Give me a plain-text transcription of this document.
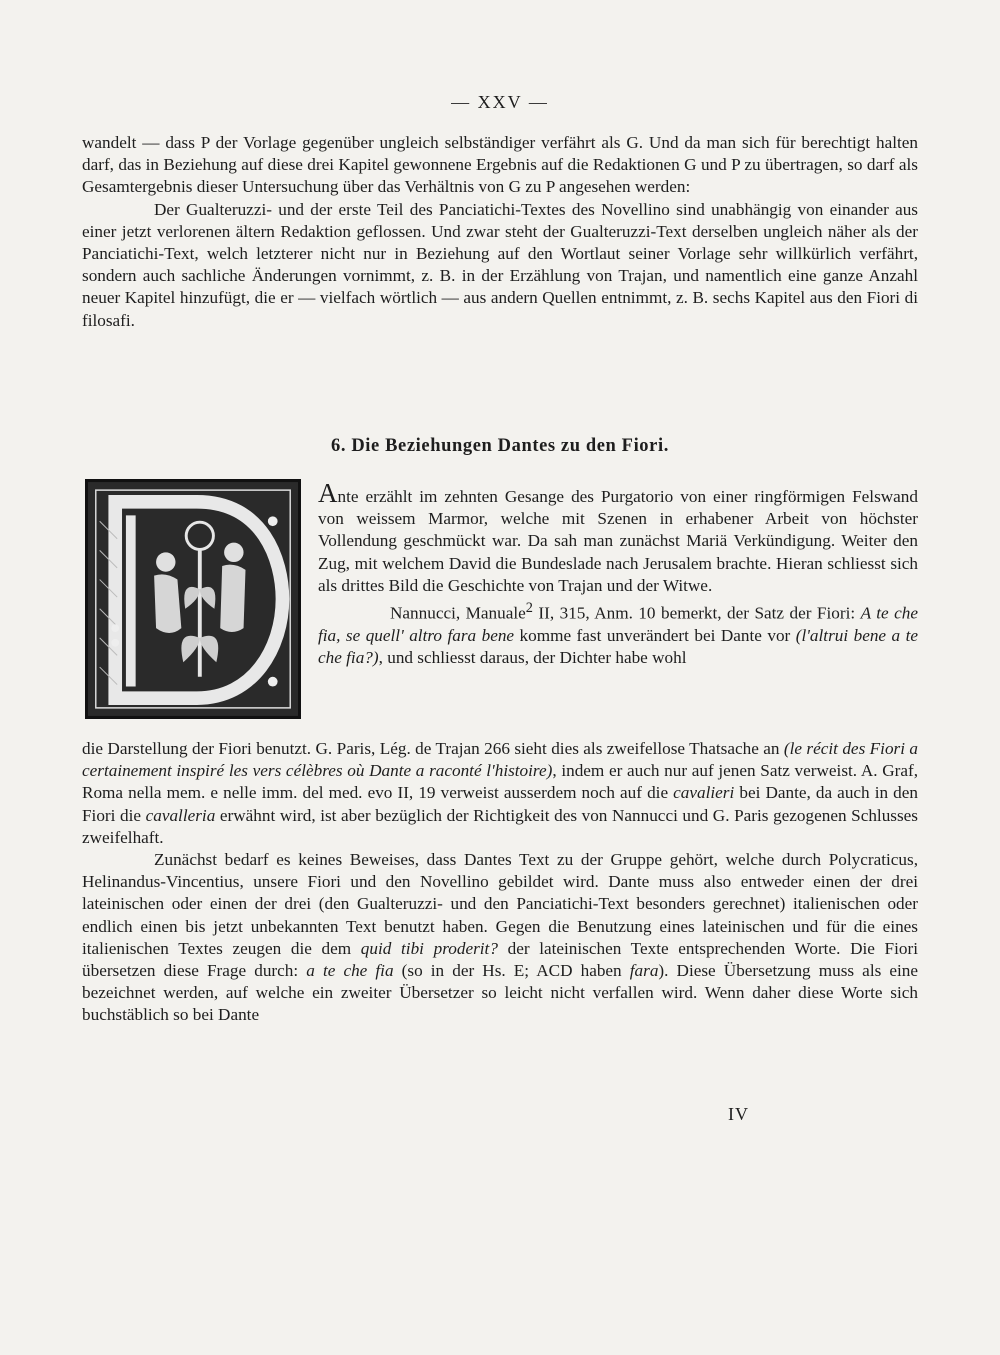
— XXV —

wandelt — dass P der Vorlage gegenüber ungleich selbständiger verfährt als G. Und da man sich für berechtigt halten darf, das in Beziehung auf diese drei Kapitel gewonnene Ergebnis auf die Redaktionen G und P zu übertragen, so darf als Gesamtergebnis dieser Untersuchung über das Verhältnis von G zu P angesehen werden:

Der Gualteruzzi- und der erste Teil des Panciatichi-Textes des Novellino sind unabhängig von einander aus einer jetzt verlorenen ältern Redaktion geflossen. Und zwar steht der Gualteruzzi-Text derselben ungleich näher als der Panciatichi-Text, welch letzterer nicht nur in Beziehung auf den Wortlaut seiner Vorlage sehr willkürlich verfährt, sondern auch sachliche Änderungen vornimmt, z. B. in der Erzählung von Trajan, und namentlich eine ganze Anzahl neuer Kapitel hinzufügt, die er — vielfach wörtlich — aus andern Quellen entnimmt, z. B. sechs Kapitel aus den Fiori di filosafi.

6. Die Beziehungen Dantes zu den Fiori.

Ante erzählt im zehnten Gesange des Purgatorio von einer ringförmigen Felswand von weissem Marmor, welche mit Szenen in erhabener Arbeit von höchster Vollendung geschmückt war. Da sah man zunächst Mariä Verkündigung. Weiter den Zug, mit welchem David die Bundeslade nach Jerusalem brachte. Hieran schliesst sich als drittes Bild die Geschichte von Trajan und der Witwe.

Nannucci, Manuale$^2$ II, 315, Anm. 10 bemerkt, der Satz der Fiori: A te che fia, se quell' altro fara bene komme fast unverändert bei Dante vor (l'altrui bene a te che fia?), und schliesst daraus, der Dichter habe wohl

die Darstellung der Fiori benutzt. G. Paris, Lég. de Trajan 266 sieht dies als zweifellose Thatsache an (le récit des Fiori a certainement inspiré les vers célèbres où Dante a raconté l'histoire), indem er auch nur auf jenen Satz verweist. A. Graf, Roma nella mem. e nelle imm. del med. evo II, 19 verweist ausserdem noch auf die cavalieri bei Dante, da auch in den Fiori die cavalleria erwähnt wird, ist aber bezüglich der Richtigkeit des von Nannucci und G. Paris gezogenen Schlusses zweifelhaft.

Zunächst bedarf es keines Beweises, dass Dantes Text zu der Gruppe gehört, welche durch Polycraticus, Helinandus-Vincentius, unsere Fiori und den Novellino gebildet wird. Dante muss also entweder einen der drei lateinischen oder einen der drei (den Gualteruzzi- und den Panciatichi-Text besonders gerechnet) italienischen oder endlich einen bis jetzt unbekannten Text benutzt haben. Gegen die Benutzung eines lateinischen und für die eines italienischen Textes zeugen die dem quid tibi proderit? der lateinischen Texte entsprechenden Worte. Die Fiori übersetzen diese Frage durch: a te che fia (so in der Hs. E; ACD haben fara). Diese Übersetzung muss als eine bezeichnet werden, auf welche ein zweiter Übersetzer so leicht nicht verfallen wird. Wenn daher diese Worte sich buchstäblich so bei Dante

IV
